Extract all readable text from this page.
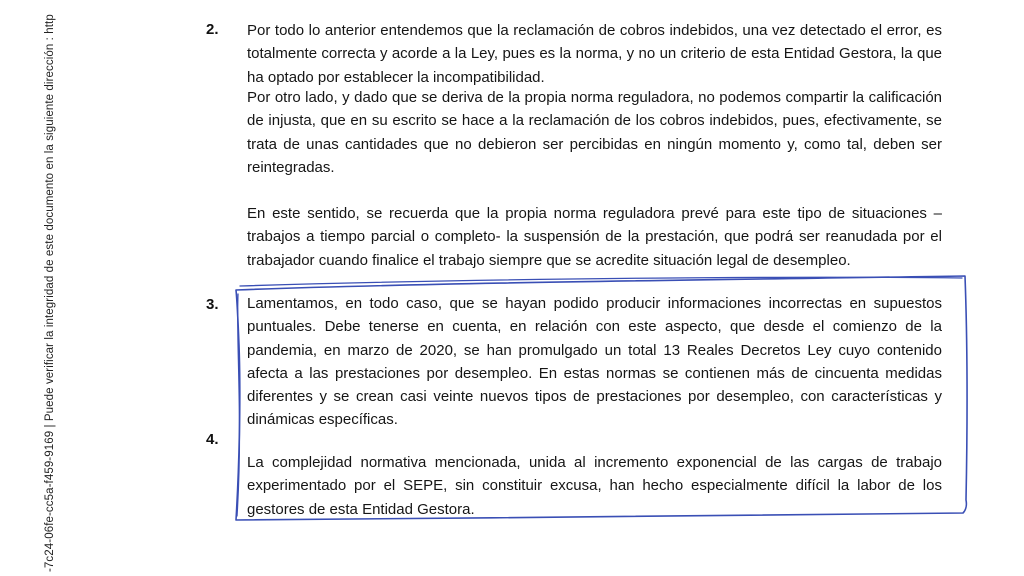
-7c24-06fe-cc5a-f459-9169 | Puede verificar la integridad de este documento en la siguiente dirección : http	2. Por todo lo anterior entendemos que la reclamación de cobros indebidos, una vez detectado el error, es totalmente correcta y acorde a la Ley, pues es la norma, y no un criterio de esta Entidad Gestora, la que ha optado por establecer la incompatibilidad.
Por otro lado, y dado que se deriva de la propia norma reguladora, no podemos compartir la calificación de injusta, que en su escrito se hace a la reclamación de los cobros indebidos, pues, efectivamente, se trata de unas cantidades que no debieron ser percibidas en ningún momento y, como tal, deben ser reintegradas.
En este sentido, se recuerda que la propia norma reguladora prevé para este tipo de situaciones – trabajos a tiempo parcial o completo- la suspensión de la prestación, que podrá ser reanudada por el trabajador cuando finalice el trabajo siempre que se acredite situación legal de desempleo.
3. Lamentamos, en todo caso, que se hayan podido producir informaciones incorrectas en supuestos puntuales. Debe tenerse en cuenta, en relación con este aspecto, que desde el comienzo de la pandemia, en marzo de 2020, se han promulgado un total 13 Reales Decretos Ley cuyo contenido afecta a las prestaciones por desempleo. En estas normas se contienen más de cincuenta medidas diferentes y se crean casi veinte nuevos tipos de prestaciones por desempleo, con características y dinámicas específicas.
4.
La complejidad normativa mencionada, unida al incremento exponencial de las cargas de trabajo experimentado por el SEPE, sin constituir excusa, han hecho especialmente difícil la labor de los gestores de esta Entidad Gestora.
